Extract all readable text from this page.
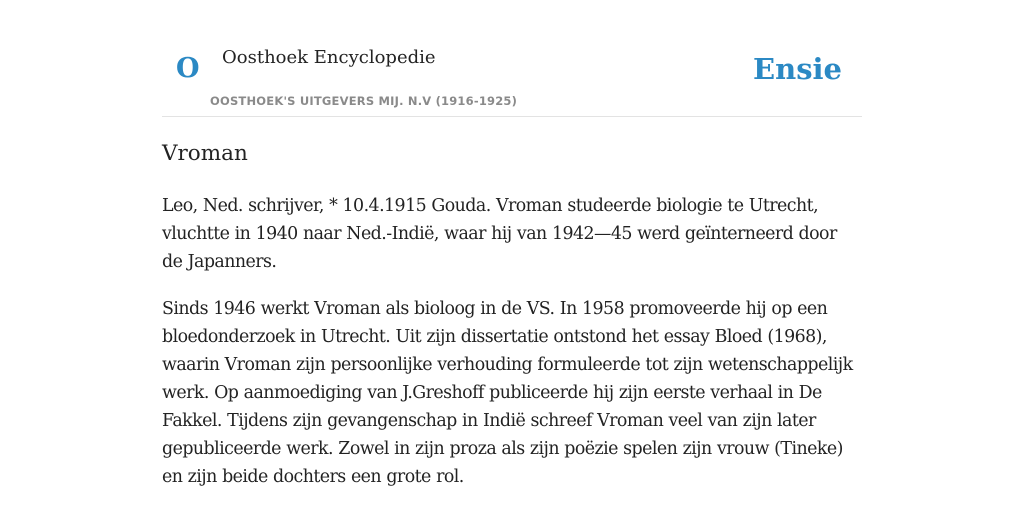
O Oosthoek Encyclopedie
OOSTHOEK'S UITGEVERS MIJ. N.V (1916-1925)
Ensie
Vroman

Leo, Ned. schrijver, * 10.4.1915 Gouda. Vroman studeerde biologie te Utrecht, vluchtte in 1940 naar Ned.-Indië, waar hij van 1942—45 werd geïnterneerd door de Japanners.

Sinds 1946 werkt Vroman als bioloog in de VS. In 1958 promoveerde hij op een bloedonderzoek in Utrecht. Uit zijn dissertatie ontstond het essay Bloed (1968), waarin Vroman zijn persoonlijke verhouding formuleerde tot zijn wetenschappelijk werk. Op aanmoediging van J.Greshoff publiceerde hij zijn eerste verhaal in De Fakkel. Tijdens zijn gevangenschap in Indië schreef Vroman veel van zijn later gepubliceerde werk. Zowel in zijn proza als zijn poëzie spelen zijn vrouw (Tineke) en zijn beide dochters een grote rol.
